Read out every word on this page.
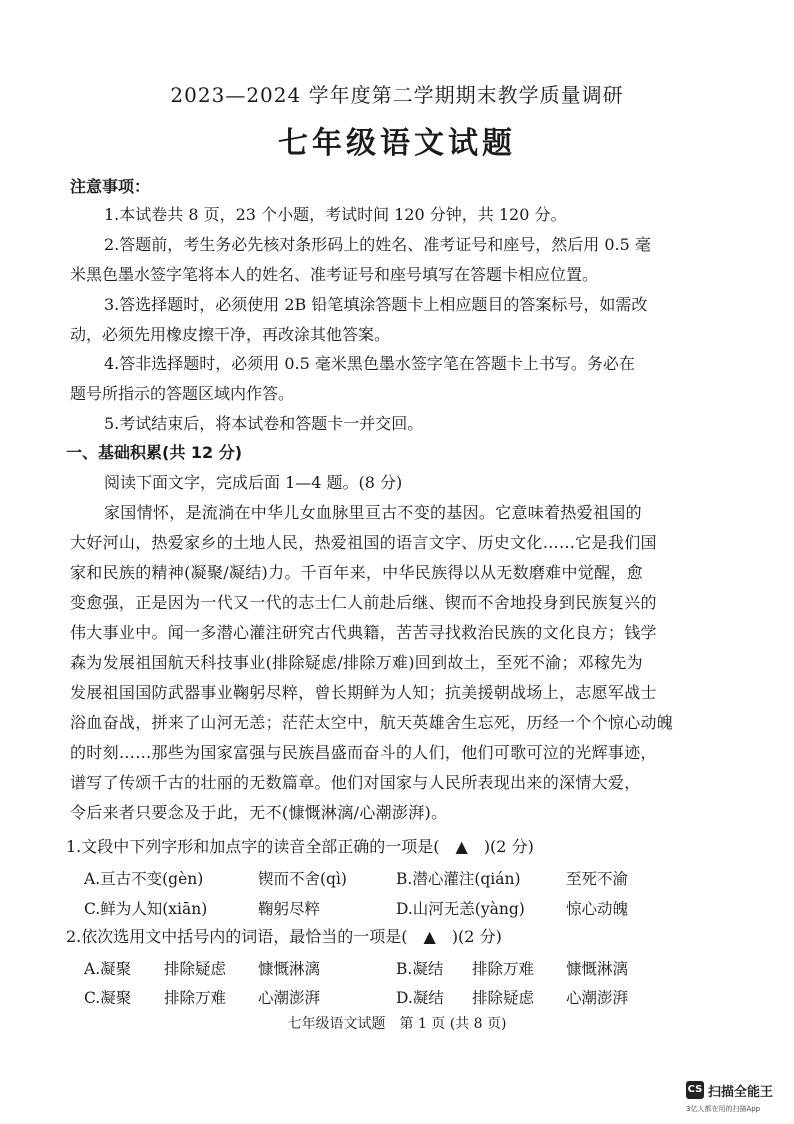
2023—2024 学年度第二学期期末教学质量调研
七年级语文试题
注意事项：
1.本试卷共 8 页，23 个小题，考试时间 120 分钟，共 120 分。
2.答题前，考生务必先核对条形码上的姓名、准考证号和座号，然后用 0.5 毫
米黑色墨水签字笔将本人的姓名、准考证号和座号填写在答题卡相应位置。
3.答选择题时，必须使用 2B 铅笔填涂答题卡上相应题目的答案标号，如需改
动，必须先用橡皮擦干净，再改涂其他答案。
4.答非选择题时，必须用 0.5 毫米黑色墨水签字笔在答题卡上书写。务必在
题号所指示的答题区域内作答。
5.考试结束后，将本试卷和答题卡一并交回。
一、基础积累(共 12 分)
阅读下面文字，完成后面 1—4 题。(8 分)
家国情怀，是流淌在中华儿女血脉里亘古不变的基因。它意味着热爱祖国的
大好河山，热爱家乡的土地人民，热爱祖国的语言文字、历史文化……它是我们国
家和民族的精神(凝聚/凝结)力。千百年来，中华民族得以从无数磨难中觉醒，愈
变愈强，正是因为一代又一代的志士仁人前赴后继、锲而不舍地投身到民族复兴的
伟大事业中。闻一多潜心灌注研究古代典籍，苦苦寻找救治民族的文化良方；钱学
森为发展祖国航天科技事业(排除疑虑/排除万难)回到故土，至死不渝；邓稼先为
发展祖国国防武器事业鞠躬尽粹，曾长期鲜为人知；抗美援朝战场上，志愿军战士
浴血奋战，拼来了山河无恙；茫茫太空中，航天英雄舍生忘死，历经一个个惊心动魄
的时刻……那些为国家富强与民族昌盛而奋斗的人们，他们可歌可泣的光辉事迹，
谱写了传颂千古的壮丽的无数篇章。他们对国家与人民所表现出来的深情大爱，
令后来者只要念及于此，无不(慷慨淋漓/心潮澎湃)。
1.文段中下列字形和加点字的读音全部正确的一项是(　▲　)(2 分)
A.亘古不变(gèn)	锲而不舍(qì)	B.潜心灌注(qián)	至死不渝
C.鲜为人知(xiān)	鞠躬尽粹	D.山河无恙(yàng)	惊心动魄
2.依次选用文中括号内的词语，最恰当的一项是(　▲　)(2 分)
A.凝聚 排除疑虑 慷慨淋漓	B.凝结 排除万难 慷慨淋漓
C.凝聚 排除万难 心潮澎湃	D.凝结 排除疑虑 心潮澎湃
七年级语文试题　第 1 页 (共 8 页)
CS 扫描全能王
3亿人都在用的扫描App
